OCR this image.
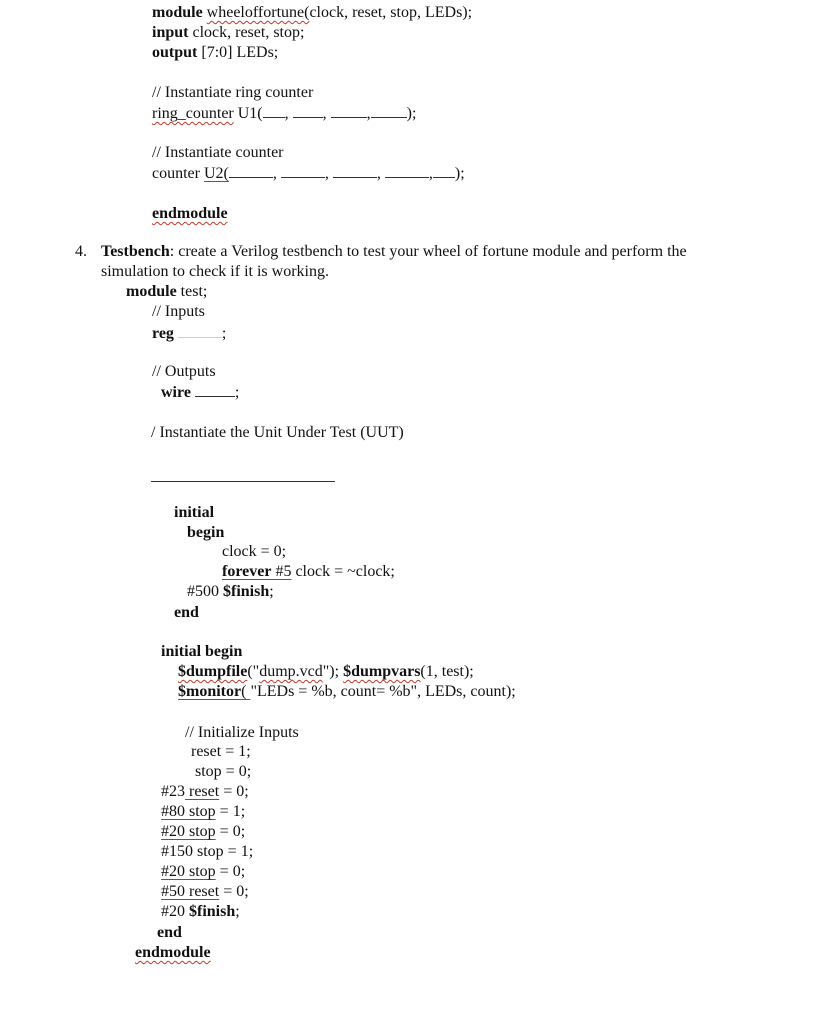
module wheeloffortune(clock, reset, stop, LEDs);
input clock, reset, stop;
output [7:0] LEDs;
// Instantiate ring counter
ring_counter U1( , , , );
// Instantiate counter
counter U2(	,	,	,	, );
endmodule
4. Testbench: create a Verilog testbench to test your wheel of fortune module and perform the
simulation to check if it is working.
module test;
// Inputs
reg	;
// Outputs
wire	;
/ Instantiate the Unit Under Test (UUT)
initial
begin
clock = 0;
forever #5 clock = ~clock;
#500 $finish;
end
initial begin
$dumpfile("dump.vcd"); $dumpvars(1, test);
$monitor( "LEDs = %b, count= %b", LEDs, count);
// Initialize Inputs
reset = 1;
stop = 0;
#23 reset = 0;
#80 stop = 1;
#20 stop = 0;
#150 stop = 1;
#20 stop = 0;
#50 reset = 0;
#20 $finish;
end
endmodule
